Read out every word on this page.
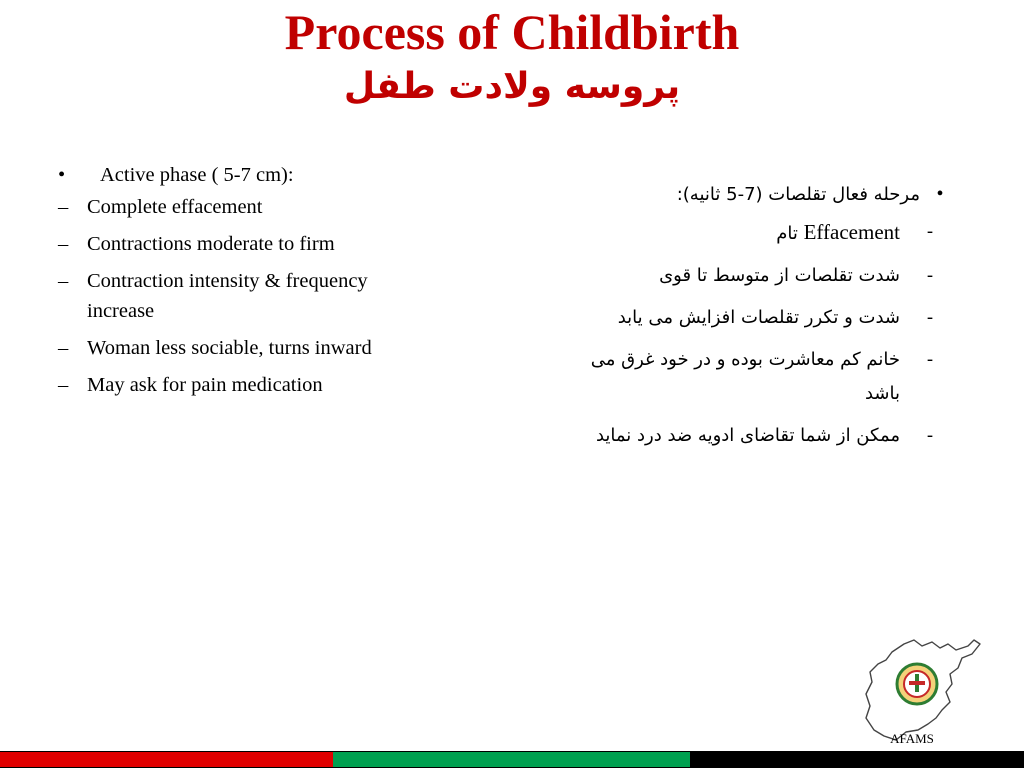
Process of Childbirth
پروسه ولادت طفل
•	Active phase ( 5-7 cm):
– Complete effacement
– Contractions moderate to firm
– Contraction intensity & frequency increase
– Woman less sociable, turns inward
– May ask for pain medication
•
مرحله فعال تقلصات (7-5 ثانیه):
-
Effacement تام
-
شدت تقلصات از متوسط تا قوی
-
شدت و تکرر تقلصات افزایش می یابد
-
خانم کم معاشرت بوده و در خود غرق می باشد
-
ممکن از شما تقاضای ادویه ضد درد نماید
AFAMS
